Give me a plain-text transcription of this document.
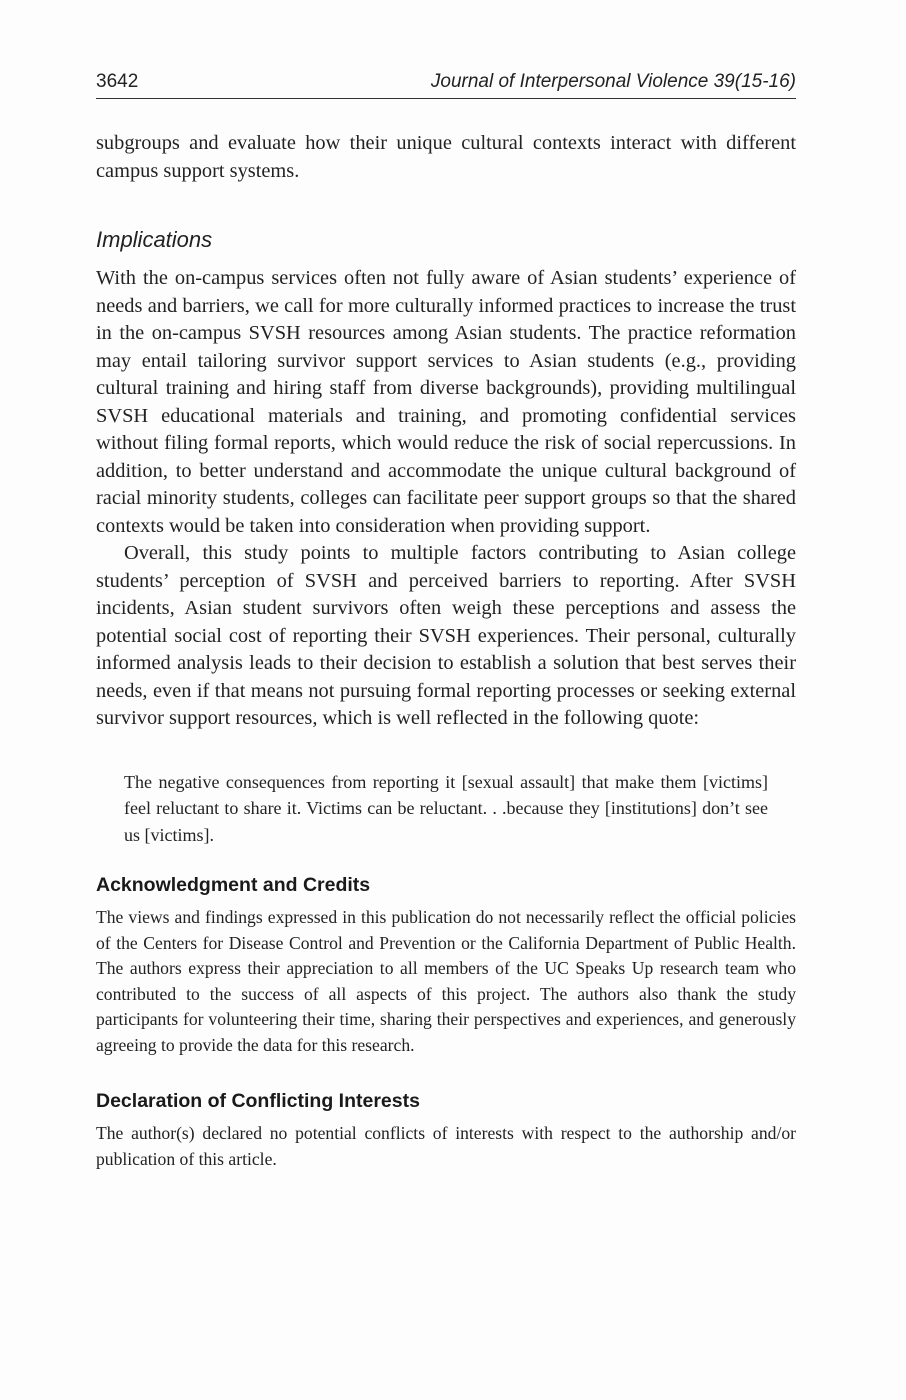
3642	Journal of Interpersonal Violence 39(15-16)

subgroups and evaluate how their unique cultural contexts interact with different campus support systems.

Implications

With the on-campus services often not fully aware of Asian students’ experience of needs and barriers, we call for more culturally informed practices to increase the trust in the on-campus SVSH resources among Asian students. The practice reformation may entail tailoring survivor support services to Asian students (e.g., providing cultural training and hiring staff from diverse backgrounds), providing multilingual SVSH educational materials and training, and promoting confidential services without filing formal reports, which would reduce the risk of social repercussions. In addition, to better understand and accommodate the unique cultural background of racial minority students, colleges can facilitate peer support groups so that the shared contexts would be taken into consideration when providing support.

Overall, this study points to multiple factors contributing to Asian college students’ perception of SVSH and perceived barriers to reporting. After SVSH incidents, Asian student survivors often weigh these perceptions and assess the potential social cost of reporting their SVSH experiences. Their personal, culturally informed analysis leads to their decision to establish a solution that best serves their needs, even if that means not pursuing formal reporting processes or seeking external survivor support resources, which is well reflected in the following quote:

The negative consequences from reporting it [sexual assault] that make them [victims] feel reluctant to share it. Victims can be reluctant. . .because they [institutions] don’t see us [victims].

Acknowledgment and Credits

The views and findings expressed in this publication do not necessarily reflect the official policies of the Centers for Disease Control and Prevention or the California Department of Public Health. The authors express their appreciation to all members of the UC Speaks Up research team who contributed to the success of all aspects of this project. The authors also thank the study participants for volunteering their time, sharing their perspectives and experiences, and generously agreeing to provide the data for this research.

Declaration of Conflicting Interests

The author(s) declared no potential conflicts of interests with respect to the authorship and/or publication of this article.
